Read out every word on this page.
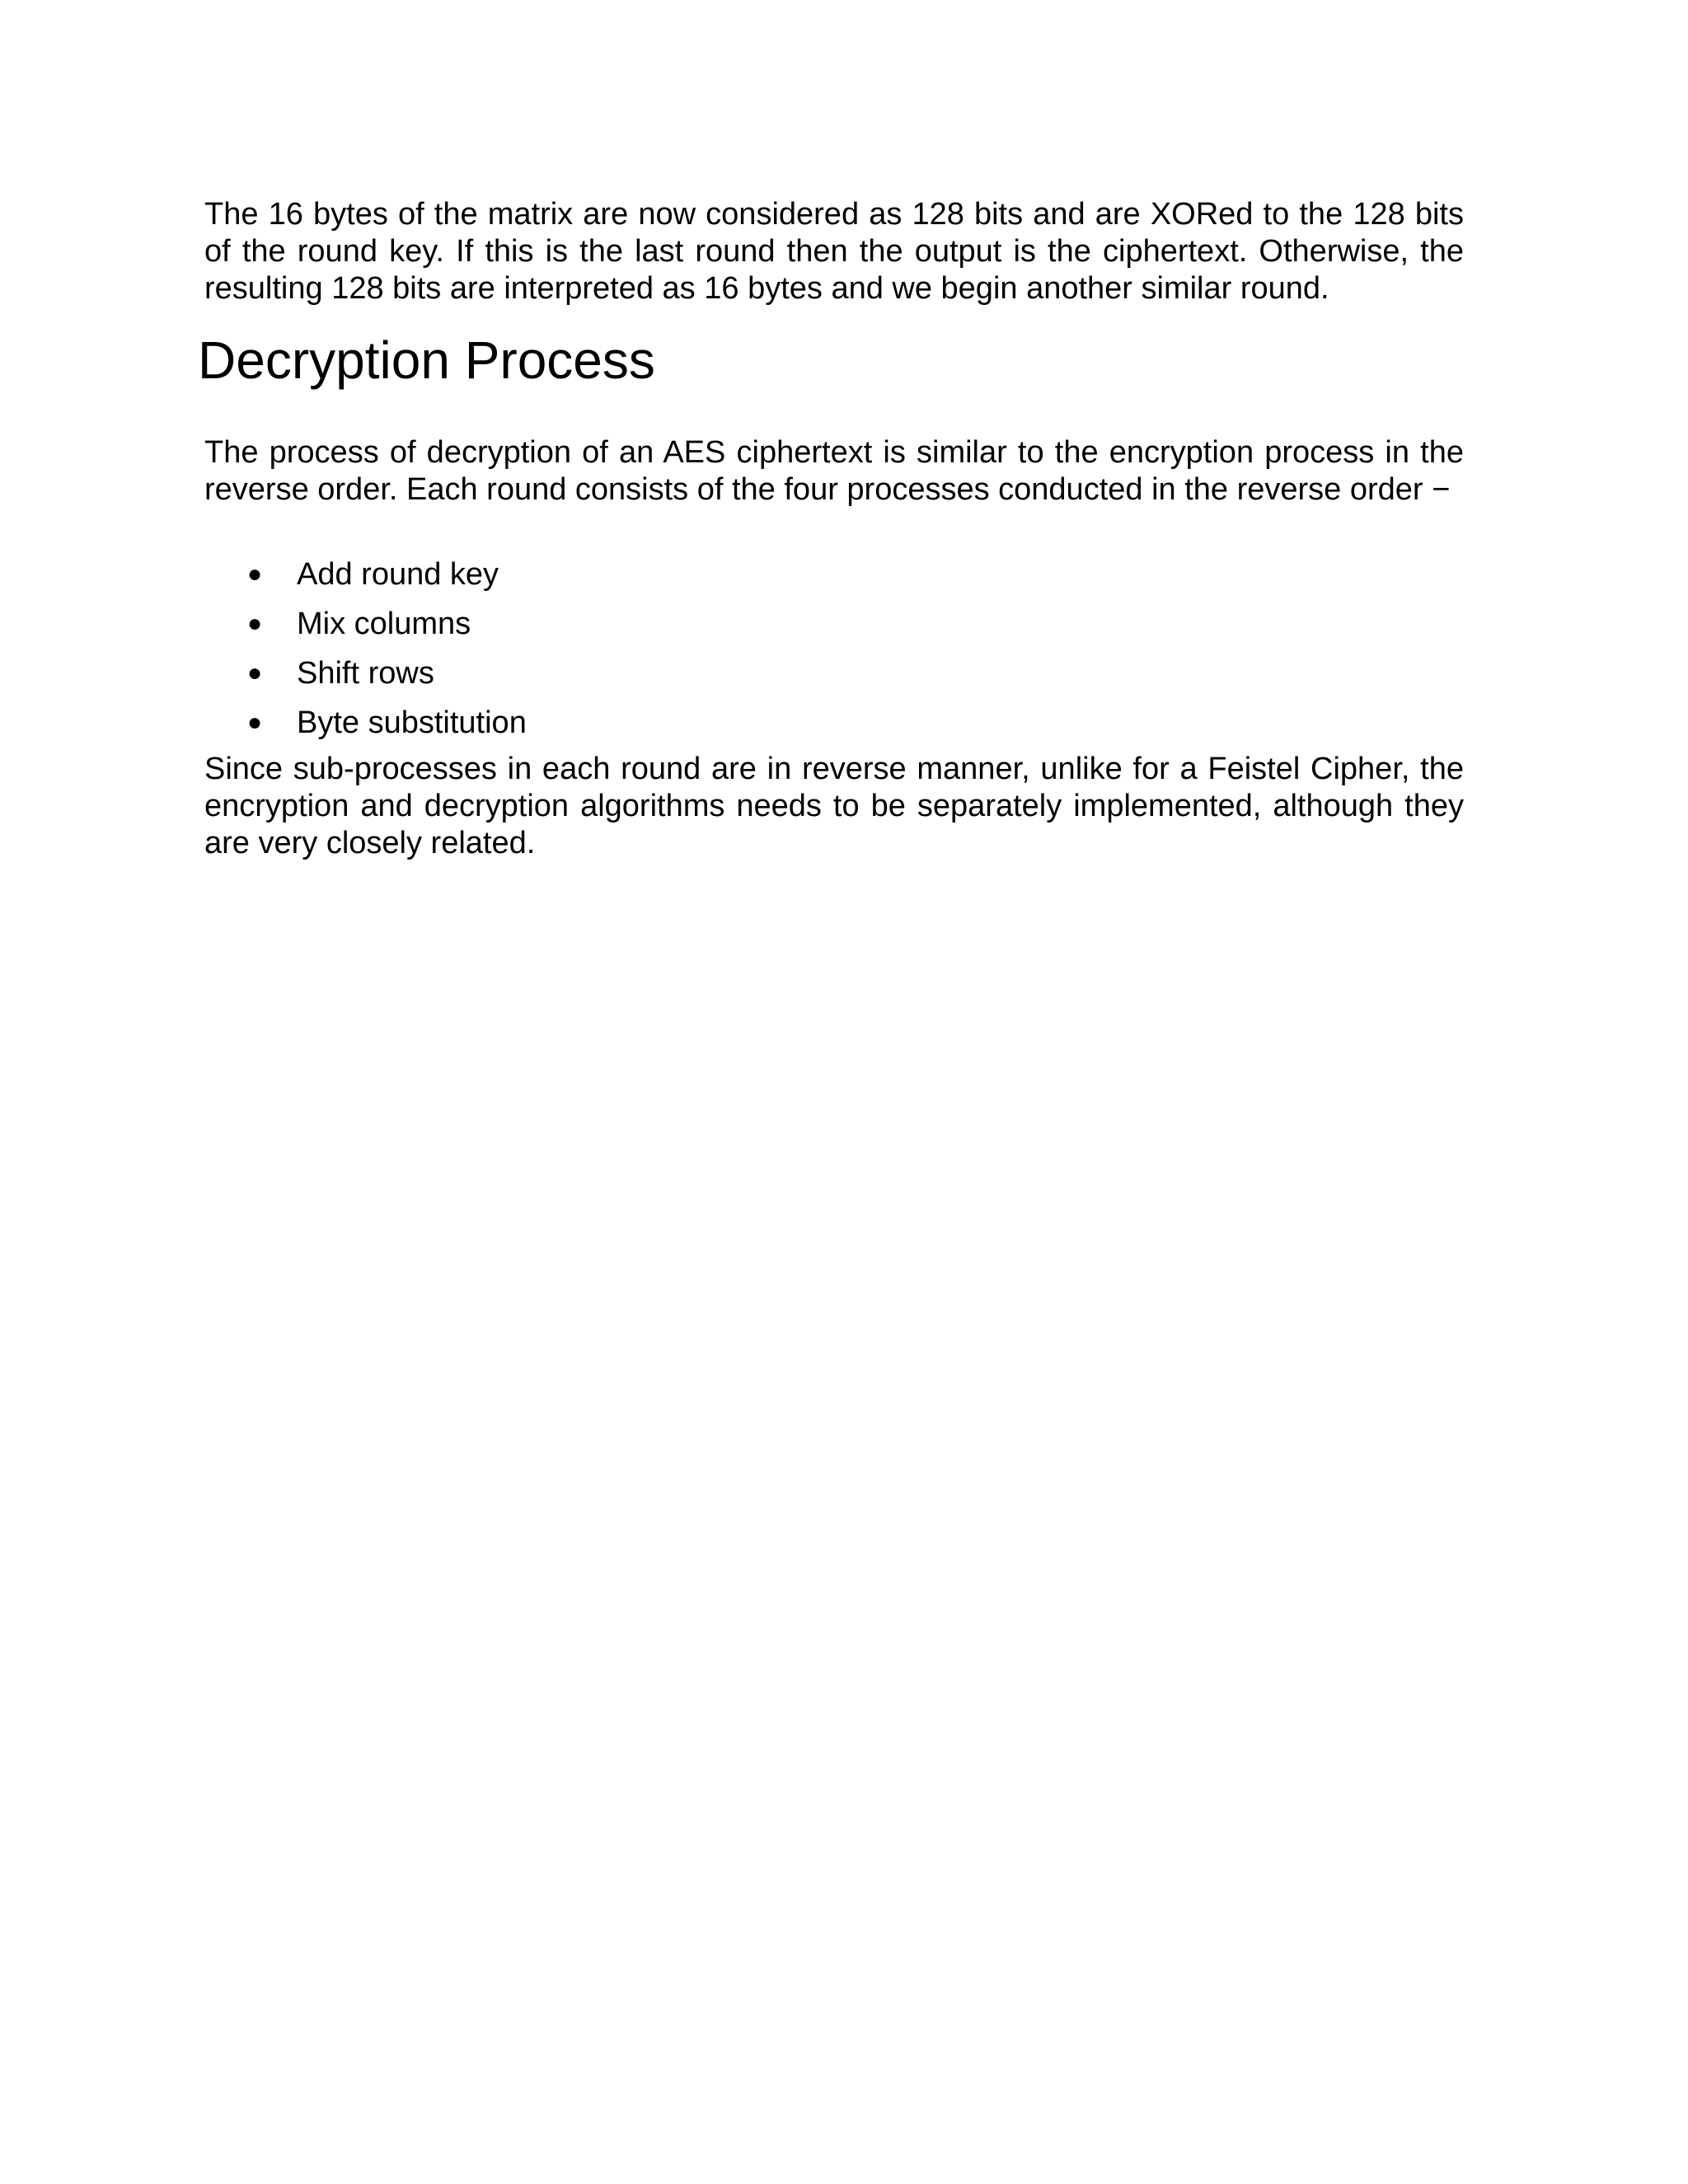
The 16 bytes of the matrix are now considered as 128 bits and are XORed to the 128 bits of the round key. If this is the last round then the output is the ciphertext. Otherwise, the resulting 128 bits are interpreted as 16 bytes and we begin another similar round.

Decryption Process

The process of decryption of an AES ciphertext is similar to the encryption process in the reverse order. Each round consists of the four processes conducted in the reverse order −

● Add round key
● Mix columns
● Shift rows
● Byte substitution

Since sub-processes in each round are in reverse manner, unlike for a Feistel Cipher, the encryption and decryption algorithms needs to be separately implemented, although they are very closely related.
